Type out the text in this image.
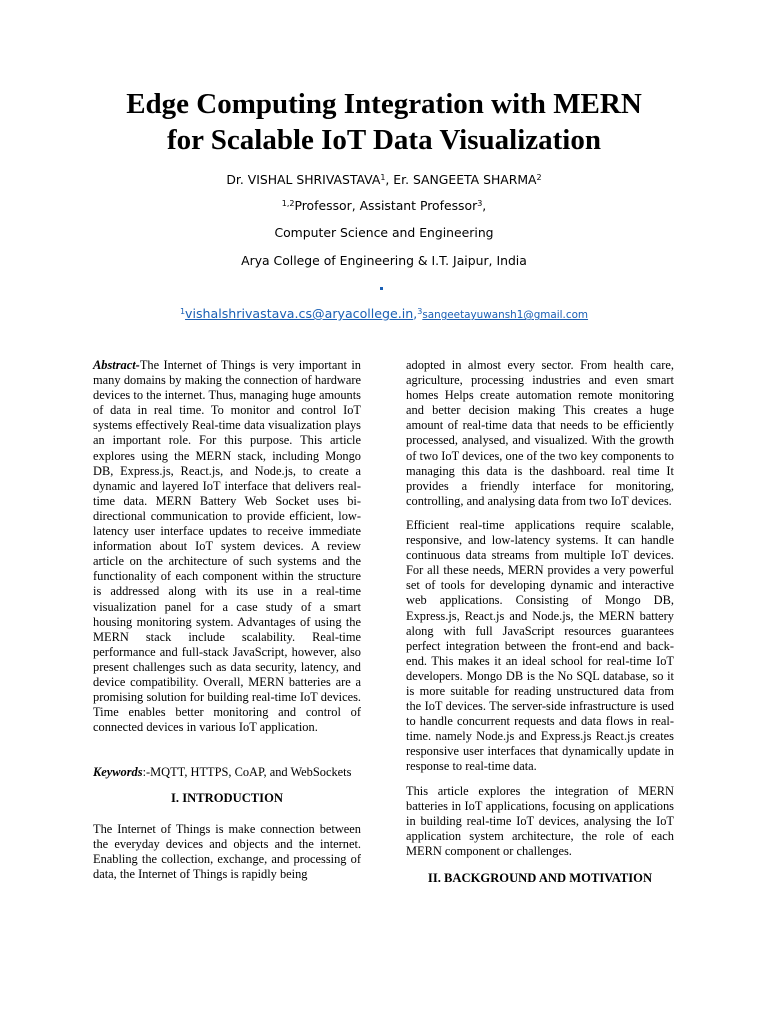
Edge Computing Integration with MERN
for Scalable IoT Data Visualization
Dr. VISHAL SHRIVASTAVA$^1$, Er. SANGEETA SHARMA$^2$
$^{1,2}$Professor, Assistant Professor$^3$,
Computer Science and Engineering
Arya College of Engineering & I.T. Jaipur, India
$^1$vishalshrivastava.cs@aryacollege.in,$^3$sangeetayuwansh1@gmail.com

Abstract-The Internet of Things is very important in many domains by making the connection of hardware devices to the internet. Thus, managing huge amounts of data in real time. To monitor and control IoT systems effectively Real-time data visualization plays an important role. For this purpose. This article explores using the MERN stack, including Mongo DB, Express.js, React.js, and Node.js, to create a dynamic and layered IoT interface that delivers real-time data. MERN Battery Web Socket uses bi-directional communication to provide efficient, low-latency user interface updates to receive immediate information about IoT system devices. A review article on the architecture of such systems and the functionality of each component within the structure is addressed along with its use in a real-time visualization panel for a case study of a smart housing monitoring system. Advantages of using the MERN stack include scalability. Real-time performance and full-stack JavaScript, however, also present challenges such as data security, latency, and device compatibility. Overall, MERN batteries are a promising solution for building real-time IoT devices. Time enables better monitoring and control of connected devices in various IoT application.

Keywords:-MQTT, HTTPS, CoAP, and WebSockets

I. INTRODUCTION

The Internet of Things is make connection between the everyday devices and objects and the internet. Enabling the collection, exchange, and processing of data, the Internet of Things is rapidly being

adopted in almost every sector. From health care, agriculture, processing industries and even smart homes Helps create automation remote monitoring and better decision making This creates a huge amount of real-time data that needs to be efficiently processed, analysed, and visualized. With the growth of two IoT devices, one of the two key components to managing this data is the dashboard. real time It provides a friendly interface for monitoring, controlling, and analysing data from two IoT devices.

Efficient real-time applications require scalable, responsive, and low-latency systems. It can handle continuous data streams from multiple IoT devices. For all these needs, MERN provides a very powerful set of tools for developing dynamic and interactive web applications. Consisting of Mongo DB, Express.js, React.js and Node.js, the MERN battery along with full JavaScript resources guarantees perfect integration between the front-end and back-end. This makes it an ideal school for real-time IoT developers. Mongo DB is the No SQL database, so it is more suitable for reading unstructured data from the IoT devices. The server-side infrastructure is used to handle concurrent requests and data flows in real-time. namely Node.js and Express.js React.js creates responsive user interfaces that dynamically update in response to real-time data.

This article explores the integration of MERN batteries in IoT applications, focusing on applications in building real-time IoT devices, analysing the IoT application system architecture, the role of each MERN component or challenges.

II. BACKGROUND AND MOTIVATION
